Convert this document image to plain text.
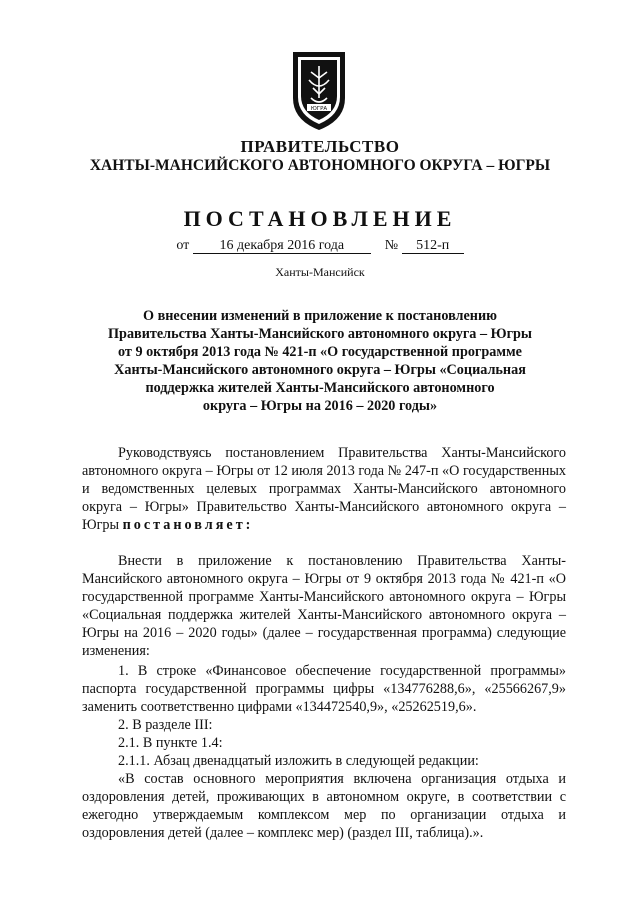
ЮГРА
ПРАВИТЕЛЬСТВО
ХАНТЫ-МАНСИЙСКОГО АВТОНОМНОГО ОКРУГА – ЮГРЫ
ПОСТАНОВЛЕНИЕ
от 16 декабря 2016 года	№ 512-п
Ханты-Мансийск
О внесении изменений в приложение к постановлению
Правительства Ханты-Мансийского автономного округа – Югры
от 9 октября 2013 года № 421-п «О государственной программе
Ханты-Мансийского автономного округа – Югры «Социальная
поддержка жителей Ханты-Мансийского автономного
округа – Югры на 2016 – 2020 годы»

Руководствуясь постановлением Правительства Ханты-Мансийского автономного округа – Югры от 12 июля 2013 года № 247-п «О государственных и ведомственных целевых программах Ханты-Мансийского автономного округа – Югры» Правительство Ханты-Мансийского автономного округа – Югры постановляет:

Внести в приложение к постановлению Правительства Ханты-Мансийского автономного округа – Югры от 9 октября 2013 года № 421-п «О государственной программе Ханты-Мансийского автономного округа – Югры «Социальная поддержка жителей Ханты-Мансийского автономного округа – Югры на 2016 – 2020 годы» (далее – государственная программа) следующие изменения:

1. В строке «Финансовое обеспечение государственной программы» паспорта государственной программы цифры «134776288,6», «25566267,9» заменить соответственно цифрами «134472540,9», «25262519,6».

2. В разделе III:

2.1. В пункте 1.4:

2.1.1. Абзац двенадцатый изложить в следующей редакции:

«В состав основного мероприятия включена организация отдыха и оздоровления детей, проживающих в автономном округе, в соответствии с ежегодно утверждаемым комплексом мер по организации отдыха и оздоровления детей (далее – комплекс мер) (раздел III, таблица).».
